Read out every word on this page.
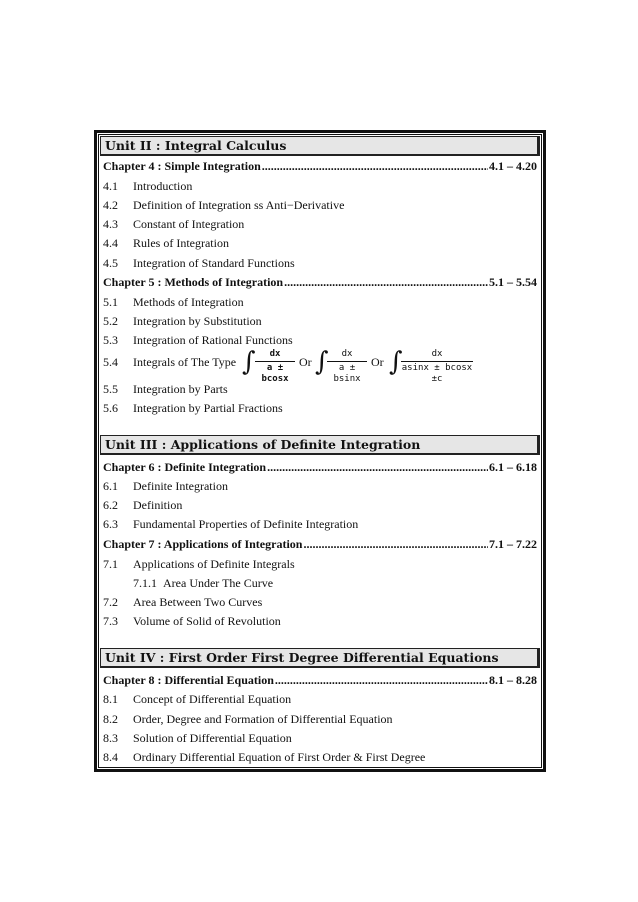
Unit II : Integral Calculus
Chapter 4 : Simple Integration .....	4.1 – 4.20
4.1 Introduction
4.2 Definition of Integration ss Anti−Derivative
4.3 Constant of Integration
4.4 Rules of Integration
4.5 Integration of Standard Functions
Chapter 5 : Methods of Integration .....	5.1 – 5.54
5.1 Methods of Integration
5.2 Integration by Substitution
5.3 Integration of Rational Functions
5.4 Integrals of The Type ∫	dx
a ± bcosx
Or ∫	dx
a ± bsinx
Or ∫	dx
asinx ± bcosx ±c
5.5 Integration by Parts
5.6 Integration by Partial Fractions
Unit III : Applications of Definite Integration
Chapter 6 : Definite Integration .....	6.1 – 6.18
6.1 Definite Integration
6.2 Definition
6.3 Fundamental Properties of Definite Integration
Chapter 7 : Applications of Integration .....	7.1 – 7.22
7.1 Applications of Definite Integrals
7.1.1 Area Under The Curve
7.2 Area Between Two Curves
7.3 Volume of Solid of Revolution
Unit IV : First Order First Degree Differential Equations
Chapter 8 : Differential Equation .....	8.1 – 8.28
8.1 Concept of Differential Equation
8.2 Order, Degree and Formation of Differential Equation
8.3 Solution of Differential Equation
8.4 Ordinary Differential Equation of First Order & First Degree
